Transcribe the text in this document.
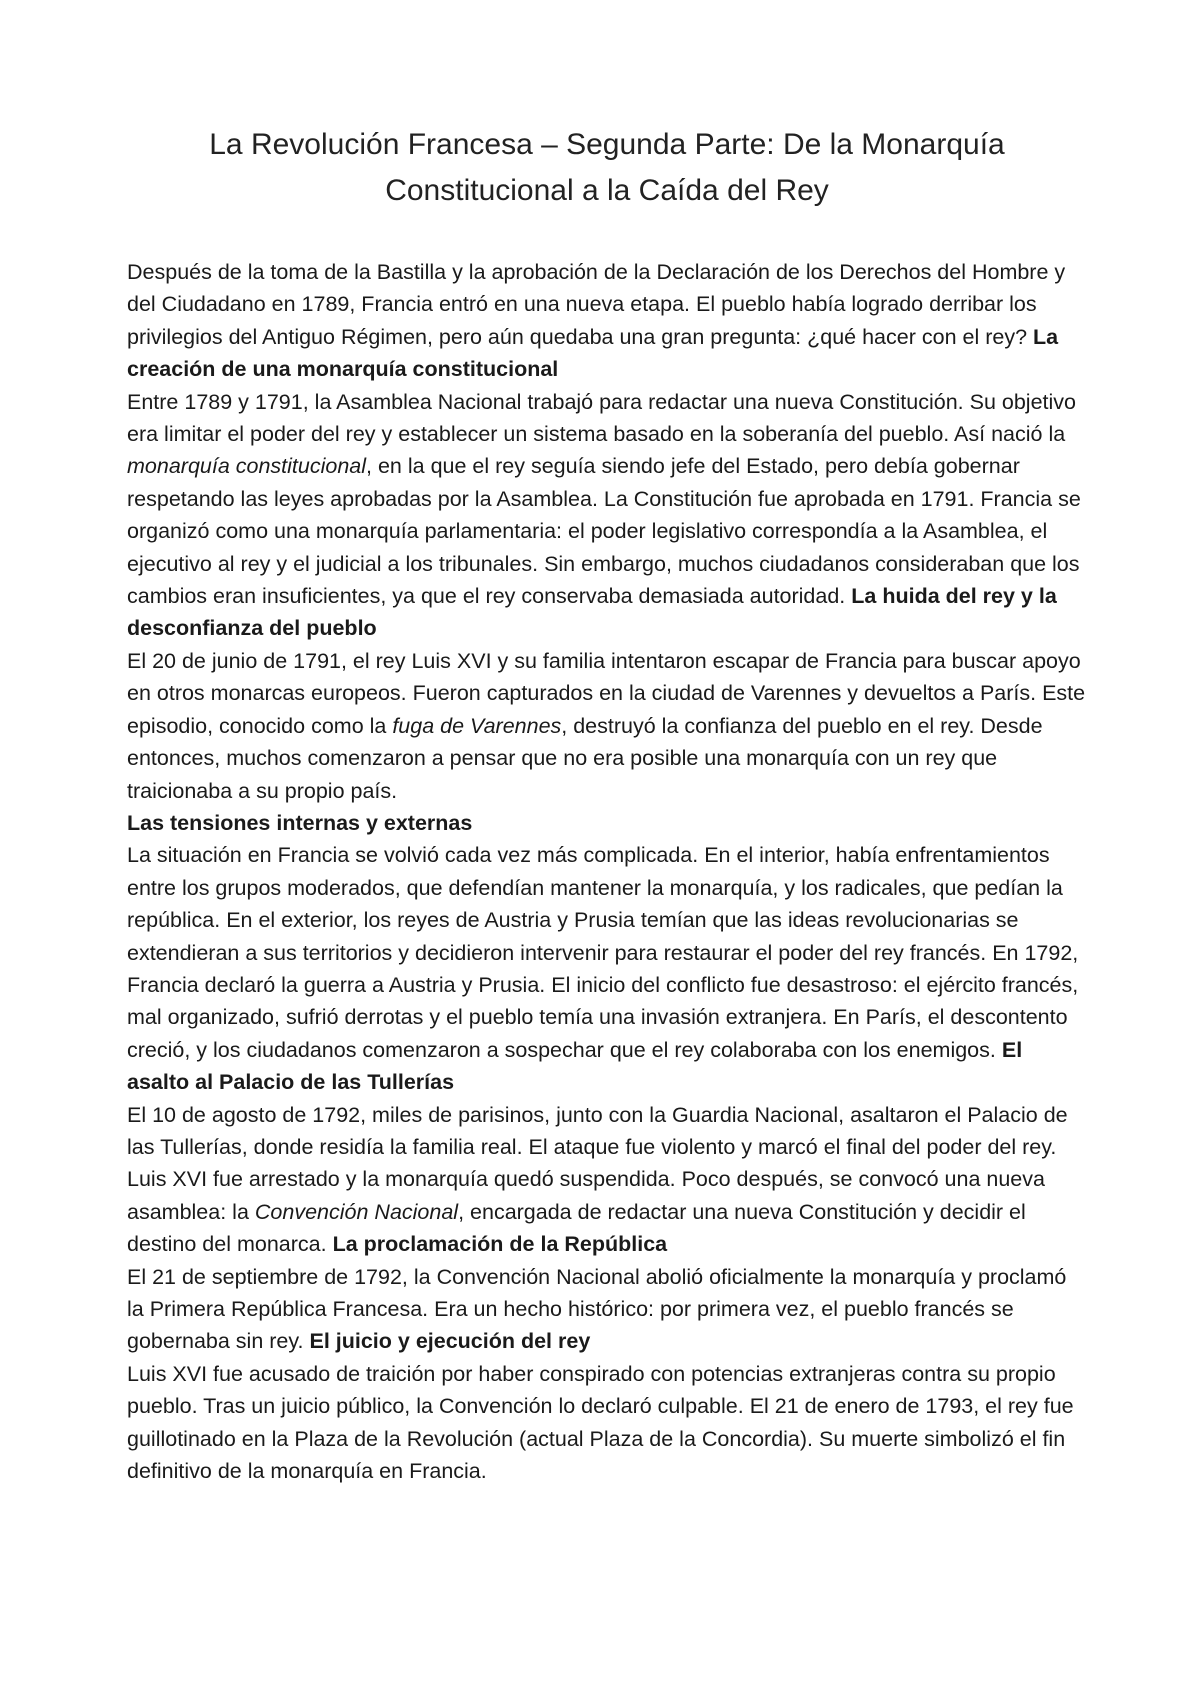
La Revolución Francesa – Segunda Parte: De la Monarquía Constitucional a la Caída del Rey

Después de la toma de la Bastilla y la aprobación de la Declaración de los Derechos del Hombre y del Ciudadano en 1789, Francia entró en una nueva etapa. El pueblo había logrado derribar los privilegios del Antiguo Régimen, pero aún quedaba una gran pregunta: ¿qué hacer con el rey? La creación de una monarquía constitucional
Entre 1789 y 1791, la Asamblea Nacional trabajó para redactar una nueva Constitución. Su objetivo era limitar el poder del rey y establecer un sistema basado en la soberanía del pueblo. Así nació la monarquía constitucional, en la que el rey seguía siendo jefe del Estado, pero debía gobernar respetando las leyes aprobadas por la Asamblea. La Constitución fue aprobada en 1791. Francia se organizó como una monarquía parlamentaria: el poder legislativo correspondía a la Asamblea, el ejecutivo al rey y el judicial a los tribunales. Sin embargo, muchos ciudadanos consideraban que los cambios eran insuficientes, ya que el rey conservaba demasiada autoridad. La huida del rey y la desconfianza del pueblo
El 20 de junio de 1791, el rey Luis XVI y su familia intentaron escapar de Francia para buscar apoyo en otros monarcas europeos. Fueron capturados en la ciudad de Varennes y devueltos a París. Este episodio, conocido como la fuga de Varennes, destruyó la confianza del pueblo en el rey. Desde entonces, muchos comenzaron a pensar que no era posible una monarquía con un rey que traicionaba a su propio país.
Las tensiones internas y externas
La situación en Francia se volvió cada vez más complicada. En el interior, había enfrentamientos entre los grupos moderados, que defendían mantener la monarquía, y los radicales, que pedían la república. En el exterior, los reyes de Austria y Prusia temían que las ideas revolucionarias se extendieran a sus territorios y decidieron intervenir para restaurar el poder del rey francés. En 1792, Francia declaró la guerra a Austria y Prusia. El inicio del conflicto fue desastroso: el ejército francés, mal organizado, sufrió derrotas y el pueblo temía una invasión extranjera. En París, el descontento creció, y los ciudadanos comenzaron a sospechar que el rey colaboraba con los enemigos. El asalto al Palacio de las Tullerías
El 10 de agosto de 1792, miles de parisinos, junto con la Guardia Nacional, asaltaron el Palacio de las Tullerías, donde residía la familia real. El ataque fue violento y marcó el final del poder del rey. Luis XVI fue arrestado y la monarquía quedó suspendida. Poco después, se convocó una nueva asamblea: la Convención Nacional, encargada de redactar una nueva Constitución y decidir el destino del monarca. La proclamación de la República
El 21 de septiembre de 1792, la Convención Nacional abolió oficialmente la monarquía y proclamó la Primera República Francesa. Era un hecho histórico: por primera vez, el pueblo francés se gobernaba sin rey. El juicio y ejecución del rey
Luis XVI fue acusado de traición por haber conspirado con potencias extranjeras contra su propio pueblo. Tras un juicio público, la Convención lo declaró culpable. El 21 de enero de 1793, el rey fue guillotinado en la Plaza de la Revolución (actual Plaza de la Concordia). Su muerte simbolizó el fin definitivo de la monarquía en Francia.
